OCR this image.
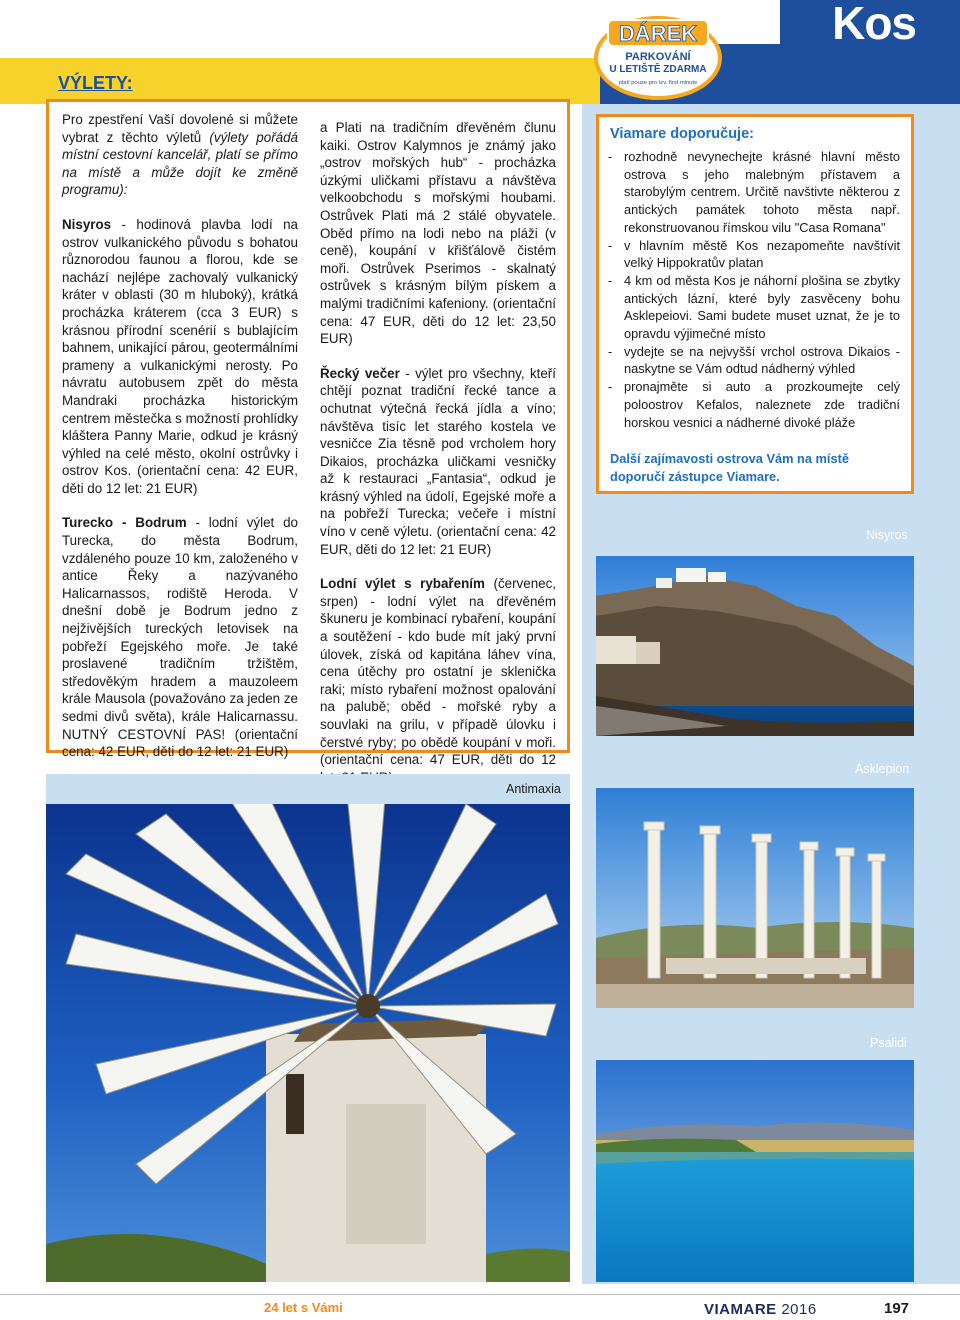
Kos
VÝLETY:
DÁREK
PARKOVÁNÍ
U LETIŠTĚ ZDARMA
platí pouze pro tzv. first minute

Pro zpestření Vaší dovolené si můžete vybrat z těchto výletů (výlety pořádá místní cestovní kancelář, platí se přímo na místě a může dojít ke změně programu):

Nisyros - hodinová plavba lodí na ostrov vulkanického původu s bohatou různorodou faunou a florou, kde se nachází nejlépe zachovalý vulkanický kráter v oblasti (30 m hluboký), krátká procházka kráterem (cca 3 EUR) s krásnou přírodní scenérií s bublajícím bahnem, unikající párou, geotermálními prameny a vulkanickými nerosty. Po návratu autobusem zpět do města Mandraki procházka historickým centrem městečka s možností prohlídky kláštera Panny Marie, odkud je krásný výhled na celé město, okolní ostrůvky i ostrov Kos. (orientační cena: 42 EUR, děti do 12 let: 21 EUR)

Turecko - Bodrum - lodní výlet do Turecka, do města Bodrum, vzdáleného pouze 10 km, založeného v antice Řeky a nazývaného Halicarnassos, rodiště Heroda. V dnešní době je Bodrum jedno z nejživějších tureckých letovisek na pobřeží Egejského moře. Je také proslavené tradičním tržištěm, středověkým hradem a mauzoleem krále Mausola (považováno za jeden ze sedmi divů světa), krále Halicarnassu. NUTNÝ CESTOVNÍ PAS! (orientační cena: 42 EUR, děti do 12 let: 21 EUR)

a Plati na tradičním dřevěném člunu kaiki. Ostrov Kalymnos je známý jako „ostrov mořských hub“ - procházka úzkými uličkami přístavu a návštěva velkoobchodu s mořskými houbami. Ostrůvek Plati má 2 stálé obyvatele. Oběd přímo na lodi nebo na pláži (v ceně), koupání v křišťálově čistém moři. Ostrůvek Pserimos - skalnatý ostrůvek s krásným bílým pískem a malými tradičními kafeniony. (orientační cena: 47 EUR, děti do 12 let: 23,50 EUR)

Řecký večer - výlet pro všechny, kteří chtějí poznat tradiční řecké tance a ochutnat výtečná řecká jídla a víno; návštěva tisíc let starého kostela ve vesničce Zia těsně pod vrcholem hory Dikaios, procházka uličkami vesničky až k restauraci „Fantasia“, odkud je krásný výhled na údolí, Egejské moře a na pobřeží Turecka; večeře i místní víno v ceně výletu. (orientační cena: 42 EUR, děti do 12 let: 21 EUR)

Lodní výlet s rybařením (červenec, srpen) - lodní výlet na dřevěném škuneru je kombinací rybaření, koupání a soutěžení - kdo bude mít jaký první úlovek, získá od kapitána láhev vína, cena útěchy pro ostatní je sklenička raki; místo rybaření možnost opalování na palubě; oběd - mořské ryby a souvlaki na grilu, v případě úlovku i čerstvé ryby; po obědě koupání v moři. (orientační cena: 47 EUR, děti do 12

Viamare doporučuje:
- rozhodně nevynechejte krásné hlavní město ostrova s jeho malebným přístavem a starobylým centrem. Určitě navštivte některou z antických památek tohoto města např. rekonstruovanou římskou vilu "Casa Romana"
- v hlavním městě Kos nezapomeňte navštívit velký Hippokratův platan
- 4 km od města Kos je náhorní plošina se zbytky antických lázní, které byly zasvěceny bohu Asklepeiovi. Sami budete muset uznat, že je to opravdu výjimečné místo
- vydejte se na nejvyšší vrchol ostrova Dikaios - naskytne se Vám odtud nádherný výhled
- pronajměte si auto a prozkoumejte celý poloostrov Kefalos, naleznete zde tradiční horskou vesnici a nádherné divoké pláže
Další zajímavosti ostrova Vám na místě doporučí zástupce Viamare.
Nisyros
Asklepion
Psalidi
Antimaxia
24 let s Vámi	VIAMARE 2016	197
